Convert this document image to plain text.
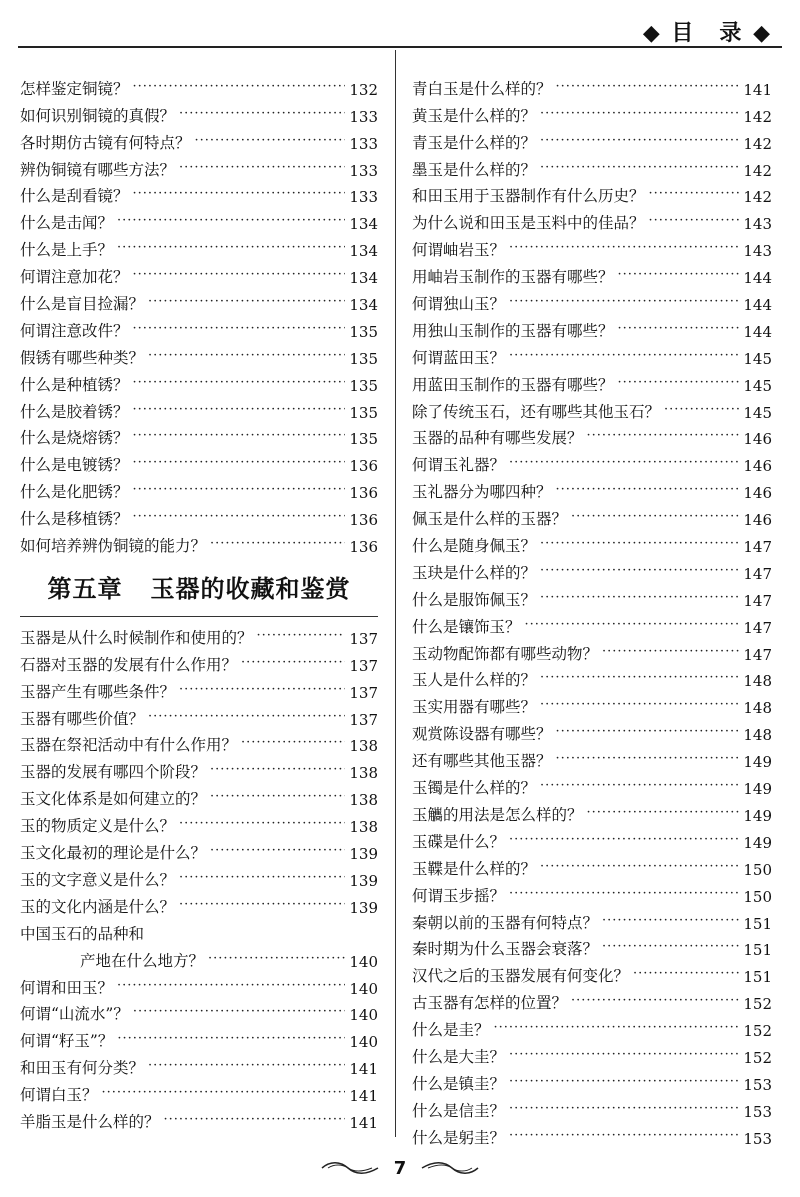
◆ 目　录 ◆
怎样鉴定铜镜？ ·····	132
如何识别铜镜的真假？ ·····	133
各时期仿古镜有何特点？ ·····	133
辨伪铜镜有哪些方法？ ·····	133
什么是刮看镜？ ·····	133
什么是击闻？ ·····	134
什么是上手？ ·····	134
何谓注意加花？ ·····	134
什么是盲目捡漏？ ·····	134
何谓注意改件？ ·····	135
假锈有哪些种类？ ·····	135
什么是种植锈？ ·····	135
什么是胶着锈？ ·····	135
什么是烧熔锈？ ·····	135
什么是电镀锈？ ·····	136
什么是化肥锈？ ·····	136
什么是移植锈？ ·····	136
如何培养辨伪铜镜的能力？ ·····	136
第五章 玉器的收藏和鉴赏
玉器是从什么时候制作和使用的？ ·····	137
石器对玉器的发展有什么作用？ ·····	137
玉器产生有哪些条件？ ·····	137
玉器有哪些价值？ ·····	137
玉器在祭祀活动中有什么作用？ ·····	138
玉器的发展有哪四个阶段？ ·····	138
玉文化体系是如何建立的？ ·····	138
玉的物质定义是什么？ ·····	138
玉文化最初的理论是什么？ ·····	139
玉的文字意义是什么？ ·····	139
玉的文化内涵是什么？ ·····	139
中国玉石的品种和
产地在什么地方？ ·····	140
何谓和田玉？ ·····	140
何谓“山流水”？ ·····	140
何谓“籽玉”？ ·····	140
和田玉有何分类？ ·····	141
何谓白玉？ ·····	141
羊脂玉是什么样的？ ·····	141
青白玉是什么样的？ ·····	141
黄玉是什么样的？ ·····	142
青玉是什么样的？ ·····	142
墨玉是什么样的？ ·····	142
和田玉用于玉器制作有什么历史？ ·····	142
为什么说和田玉是玉料中的佳品？ ·····	143
何谓岫岩玉？ ·····	143
用岫岩玉制作的玉器有哪些？ ·····	144
何谓独山玉？ ·····	144
用独山玉制作的玉器有哪些？ ·····	144
何谓蓝田玉？ ·····	145
用蓝田玉制作的玉器有哪些？ ·····	145
除了传统玉石，还有哪些其他玉石？ ·····	145
玉器的品种有哪些发展？ ·····	146
何谓玉礼器？ ·····	146
玉礼器分为哪四种？ ·····	146
佩玉是什么样的玉器？ ·····	146
什么是随身佩玉？ ·····	147
玉玦是什么样的？ ·····	147
什么是服饰佩玉？ ·····	147
什么是镶饰玉？ ·····	147
玉动物配饰都有哪些动物？ ·····	147
玉人是什么样的？ ·····	148
玉实用器有哪些？ ·····	148
观赏陈设器有哪些？ ·····	148
还有哪些其他玉器？ ·····	149
玉镯是什么样的？ ·····	149
玉觿的用法是怎么样的？ ·····	149
玉碟是什么？ ·····	149
玉鞢是什么样的？ ·····	150
何谓玉步摇？ ·····	150
秦朝以前的玉器有何特点？ ·····	151
秦时期为什么玉器会衰落？ ·····	151
汉代之后的玉器发展有何变化？ ·····	151
古玉器有怎样的位置？ ·····	152
什么是圭？ ·····	152
什么是大圭？ ·····	152
什么是镇圭？ ·····	153
什么是信圭？ ·····	153
什么是躬圭？ ·····	153
7
